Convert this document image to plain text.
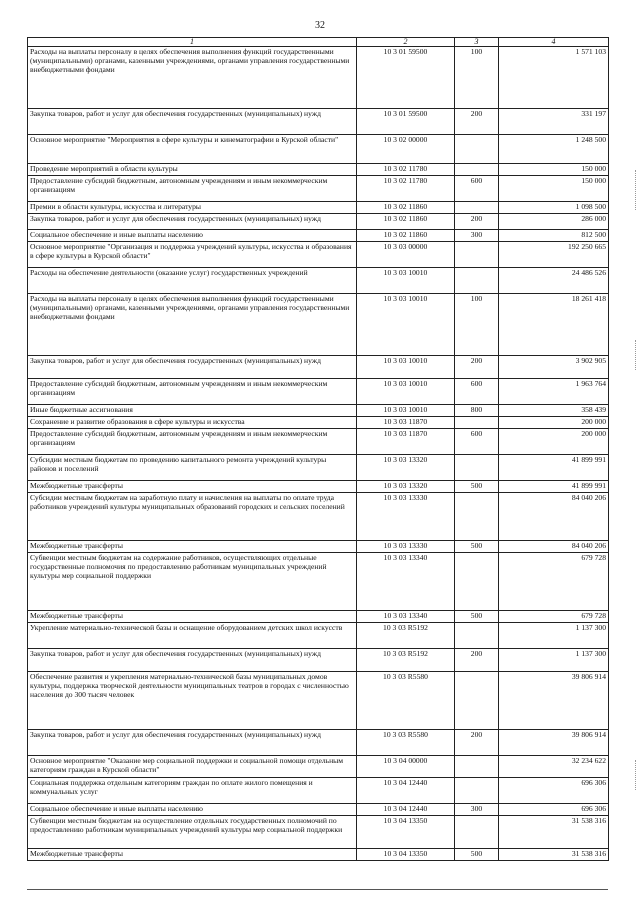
32
1	2	3	4
Расходы на выплаты персоналу в целях обеспечения выполнения функций государственными (муниципальными) органами, казенными учреждениями, органами управления государственными внебюджетными фондами	10 3 01 59500	100	1 571 103
Закупка товаров, работ и услуг для обеспечения государственных (муниципальных) нужд	10 3 01 59500	200	331 197
Основное мероприятие "Мероприятия в сфере культуры и кинематографии в Курской области"	10 3 02 00000		1 248 500
Проведение мероприятий в области культуры	10 3 02 11780		150 000
Предоставление субсидий бюджетным, автономным учреждениям и иным некоммерческим организациям	10 3 02 11780	600	150 000
Премии в области культуры, искусства и литературы	10 3 02 11860		1 098 500
Закупка товаров, работ и услуг для обеспечения государственных (муниципальных) нужд	10 3 02 11860	200	286 000
Социальное обеспечение и иные выплаты населению	10 3 02 11860	300	812 500
Основное мероприятие "Организация и поддержка учреждений культуры, искусства и образования в сфере культуры в Курской области"	10 3 03 00000		192 250 665
Расходы на обеспечение деятельности (оказание услуг) государственных учреждений	10 3 03 10010		24 486 526
Расходы на выплаты персоналу в целях обеспечения выполнения функций государственными (муниципальными) органами, казенными учреждениями, органами управления государственными внебюджетными фондами	10 3 03 10010	100	18 261 418
Закупка товаров, работ и услуг для обеспечения государственных (муниципальных) нужд	10 3 03 10010	200	3 902 905
Предоставление субсидий бюджетным, автономным учреждениям и иным некоммерческим организациям	10 3 03 10010	600	1 963 764
Иные бюджетные ассигнования	10 3 03 10010	800	358 439
Сохранение и развитие образования в сфере культуры и искусства	10 3 03 11870		200 000
Предоставление субсидий бюджетным, автономным учреждениям и иным некоммерческим организациям	10 3 03 11870	600	200 000
Субсидии местным бюджетам по проведению капитального ремонта учреждений культуры районов и поселений	10 3 03 13320		41 899 991
Межбюджетные трансферты	10 3 03 13320	500	41 899 991
Субсидии местным бюджетам на заработную плату и начисления на выплаты по оплате труда работников учреждений культуры муниципальных образований городских и сельских поселений	10 3 03 13330		84 040 206
Межбюджетные трансферты	10 3 03 13330	500	84 040 206
Субвенции местным бюджетам на содержание работников, осуществляющих отдельные государственные полномочия по предоставлению работникам муниципальных учреждений культуры мер социальной поддержки	10 3 03 13340		679 728
Межбюджетные трансферты	10 3 03 13340	500	679 728
Укрепление материально-технической базы и оснащение оборудованием детских школ искусств	10 3 03 R5192		1 137 300
Закупка товаров, работ и услуг для обеспечения государственных (муниципальных) нужд	10 3 03 R5192	200	1 137 300
Обеспечение развития и укрепления материально-технической базы муниципальных домов культуры, поддержка творческой деятельности муниципальных театров в городах с численностью населения до 300 тысяч человек	10 3 03 R5580		39 806 914
Закупка товаров, работ и услуг для обеспечения государственных (муниципальных) нужд	10 3 03 R5580	200	39 806 914
Основное мероприятие "Оказание мер социальной поддержки и социальной помощи отдельным категориям граждан в Курской области"	10 3 04 00000		32 234 622
Социальная поддержка отдельным категориям граждан по оплате жилого помещения и коммунальных услуг	10 3 04 12440		696 306
Социальное обеспечение и иные выплаты населению	10 3 04 12440	300	696 306
Субвенции местным бюджетам на осуществление отдельных государственных полномочий по предоставлению работникам муниципальных учреждений культуры мер социальной поддержки	10 3 04 13350		31 538 316
Межбюджетные трансферты	10 3 04 13350	500	31 538 316
